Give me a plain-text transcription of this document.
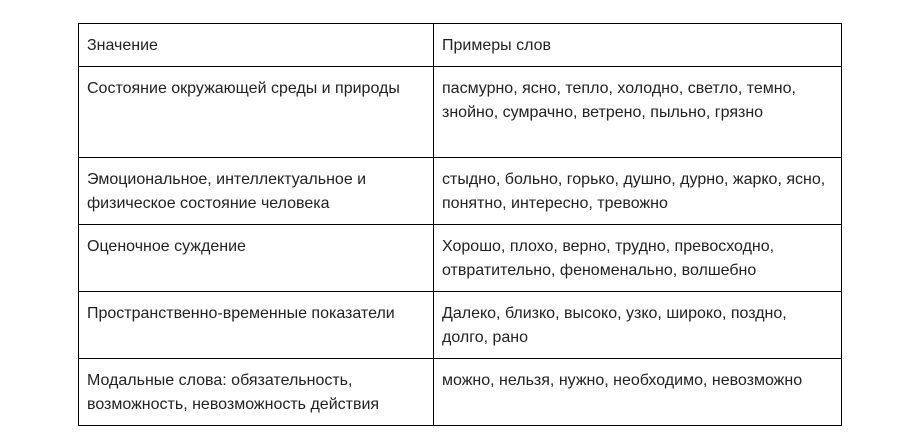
Значение	Примеры слов
Состояние окружающей среды и природы	пасмурно, ясно, тепло, холодно, светло, темно, знойно, сумрачно, ветрено, пыльно, грязно
Эмоциональное, интеллектуальное и физическое состояние человека	стыдно, больно, горько, душно, дурно, жарко, ясно, понятно, интересно, тревожно
Оценочное суждение	Хорошо, плохо, верно, трудно, превосходно, отвратительно, феноменально, волшебно
Пространственно-временные показатели	Далеко, близко, высоко, узко, широко, поздно, долго, рано
Модальные слова: обязательность, возможность, невозможность действия	можно, нельзя, нужно, необходимо, невозможно
